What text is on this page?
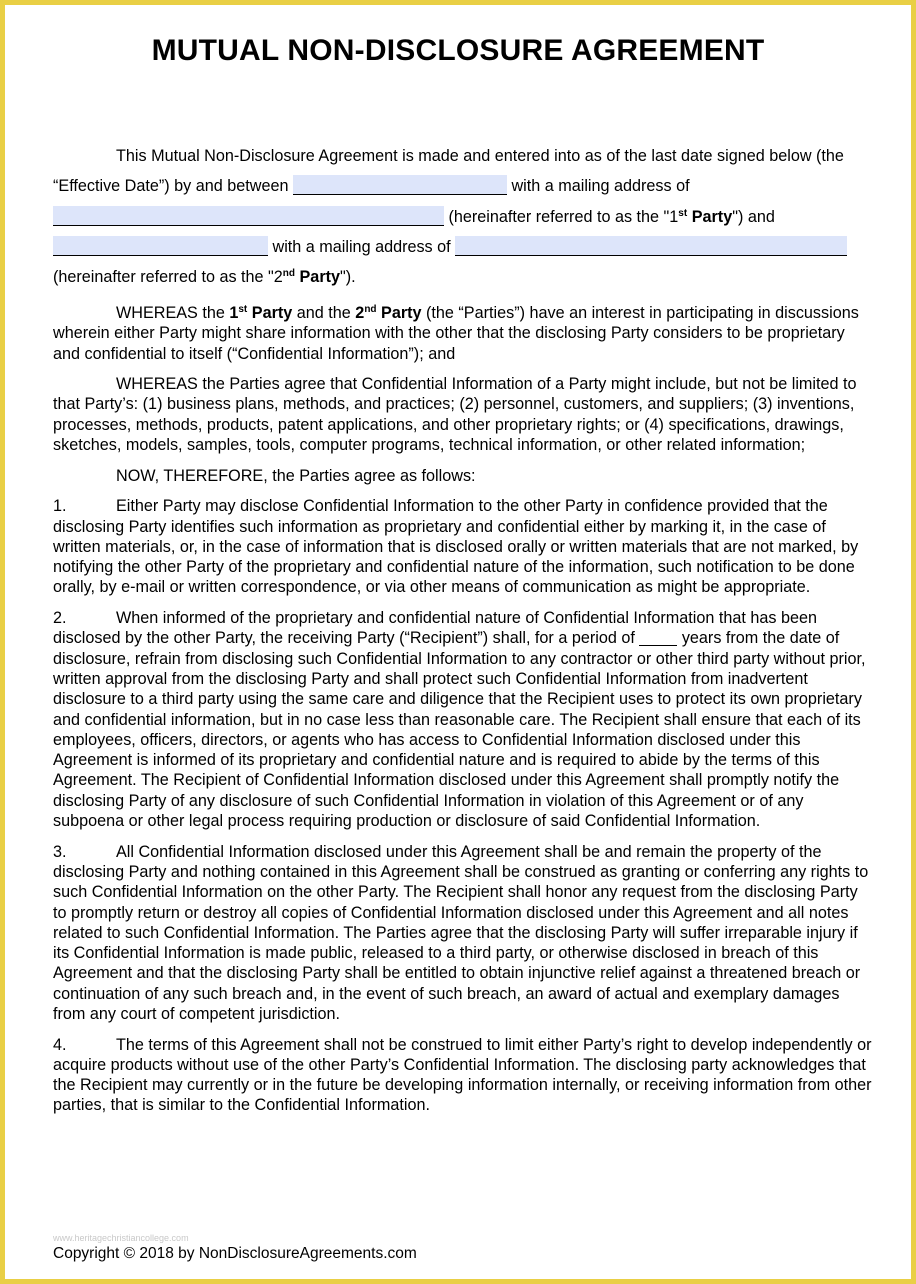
MUTUAL NON-DISCLOSURE AGREEMENT
This Mutual Non-Disclosure Agreement is made and entered into as of the last date signed below (the “Effective Date”) by and between	with a mailing address of
(hereinafter referred to as the "1st Party") and
with a mailing address of
(hereinafter referred to as the "2nd Party").

WHEREAS the 1st Party and the 2nd Party (the “Parties”) have an interest in participating in discussions wherein either Party might share information with the other that the disclosing Party considers to be proprietary and confidential to itself (“Confidential Information”); and

WHEREAS the Parties agree that Confidential Information of a Party might include, but not be limited to that Party’s: (1) business plans, methods, and practices; (2) personnel, customers, and suppliers; (3) inventions, processes, methods, products, patent applications, and other proprietary rights; or (4) specifications, drawings, sketches, models, samples, tools, computer programs, technical information, or other related information;

NOW, THEREFORE, the Parties agree as follows:

1.	Either Party may disclose Confidential Information to the other Party in confidence provided that the disclosing Party identifies such information as proprietary and confidential either by marking it, in the case of written materials, or, in the case of information that is disclosed orally or written materials that are not marked, by notifying the other Party of the proprietary and confidential nature of the information, such notification to be done orally, by e-mail or written correspondence, or via other means of communication as might be appropriate.

2.	When informed of the proprietary and confidential nature of Confidential Information that has been disclosed by the other Party, the receiving Party (“Recipient”) shall, for a period of  years from the date of disclosure, refrain from disclosing such Confidential Information to any contractor or other third party without prior, written approval from the disclosing Party and shall protect such Confidential Information from inadvertent disclosure to a third party using the same care and diligence that the Recipient uses to protect its own proprietary and confidential information, but in no case less than reasonable care. The Recipient shall ensure that each of its employees, officers, directors, or agents who has access to Confidential Information disclosed under this Agreement is informed of its proprietary and confidential nature and is required to abide by the terms of this Agreement. The Recipient of Confidential Information disclosed under this Agreement shall promptly notify the disclosing Party of any disclosure of such Confidential Information in violation of this Agreement or of any subpoena or other legal process requiring production or disclosure of said Confidential Information.

3.	All Confidential Information disclosed under this Agreement shall be and remain the property of the disclosing Party and nothing contained in this Agreement shall be construed as granting or conferring any rights to such Confidential Information on the other Party. The Recipient shall honor any request from the disclosing Party to promptly return or destroy all copies of Confidential Information disclosed under this Agreement and all notes related to such Confidential Information. The Parties agree that the disclosing Party will suffer irreparable injury if its Confidential Information is made public, released to a third party, or otherwise disclosed in breach of this Agreement and that the disclosing Party shall be entitled to obtain injunctive relief against a threatened breach or continuation of any such breach and, in the event of such breach, an award of actual and exemplary damages from any court of competent jurisdiction.

4.	The terms of this Agreement shall not be construed to limit either Party’s right to develop independently or acquire products without use of the other Party’s Confidential Information. The disclosing party acknowledges that the Recipient may currently or in the future be developing information internally, or receiving information from other parties, that is similar to the Confidential Information.

www.heritagechristiancollege.com
Copyright © 2018 by NonDisclosureAgreements.com
